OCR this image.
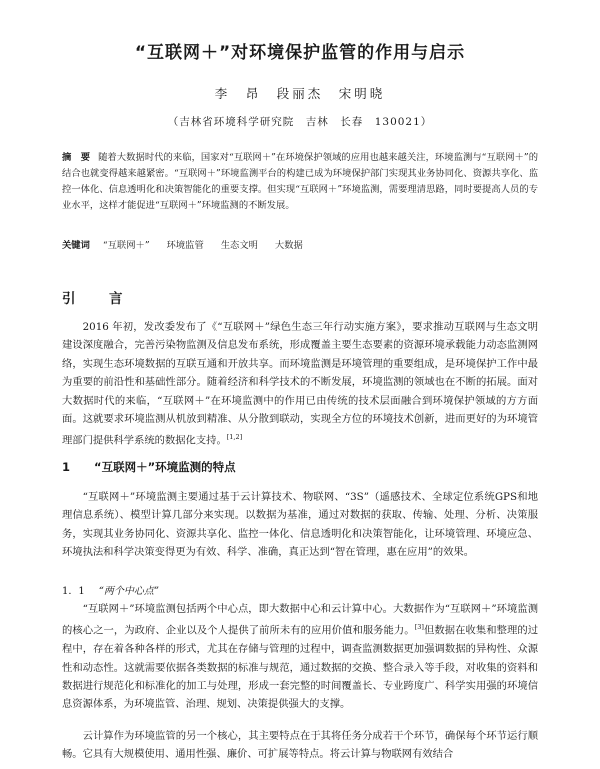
“互联网＋”对环境保护监管的作用与启示
李　昂　段丽杰　宋明晓
（吉林省环境科学研究院　吉林　长春　130021）
摘　要 随着大数据时代的来临，国家对“互联网＋”在环境保护领域的应用也越来越关注，环境监测与“互联网＋”的结合也就变得越来越紧密。“互联网＋”环境监测平台的构建已成为环境保护部门实现其业务协同化、资源共享化、监控一体化、信息透明化和决策智能化的重要支撑。但实现“互联网＋”环境监测，需要理清思路，同时要提高人员的专业水平，这样才能促进“互联网＋”环境监测的不断发展。
关键词 “互联网＋” 环境监管 生态文明 大数据
引　言
2016 年初，发改委发布了《“互联网＋”绿色生态三年行动实施方案》，要求推动互联网与生态文明建设深度融合，完善污染物监测及信息发布系统，形成覆盖主要生态要素的资源环境承载能力动态监测网络，实现生态环境数据的互联互通和开放共享。而环境监测是环境管理的重要组成，是环境保护工作中最为重要的前沿性和基础性部分。随着经济和科学技术的不断发展，环境监测的领域也在不断的拓展。面对大数据时代的来临，“互联网＋”在环境监测中的作用已由传统的技术层面融合到环境保护领域的方方面面。这就要求环境监测从机放到精准、从分散到联动，实现全方位的环境技术创新，进而更好的为环境管理部门提供科学系统的数据化支持。[1,2]
1 “互联网＋”环境监测的特点
“互联网＋”环境监测主要通过基于云计算技术、物联网、“3S”（遥感技术、全球定位系统GPS和地理信息系统）、模型计算几部分来实现。以数据为基准，通过对数据的获取、传输、处理、分析、决策服务，实现其业务协同化、资源共享化、监控一体化、信息透明化和决策智能化，让环境管理、环境应急、环境执法和科学决策变得更为有效、科学、准确，真正达到“智在管理，惠在应用”的效果。
1．1 “两个中心点”
“互联网＋”环境监测包括两个中心点，即大数据中心和云计算中心。大数据作为“互联网＋”环境监测的核心之一，为政府、企业以及个人提供了前所未有的应用价值和服务能力。[3]但数据在收集和整理的过程中，存在着各种各样的形式，尤其在存储与管理的过程中，调查监测数据更加强调数据的异构性、众源性和动态性。这就需要依据各类数据的标准与规范，通过数据的交换、整合录入等手段，对收集的资料和数据进行规范化和标准化的加工与处理，形成一套完整的时间覆盖长、专业跨度广、科学实用强的环境信息资源体系，为环境监管、治理、规划、决策提供强大的支撑。
云计算作为环境监管的另一个核心，其主要特点在于其将任务分成若干个环节，确保每个环节运行顺畅。它具有大规模使用、通用性强、廉价、可扩展等特点。将云计算与物联网有效结合
